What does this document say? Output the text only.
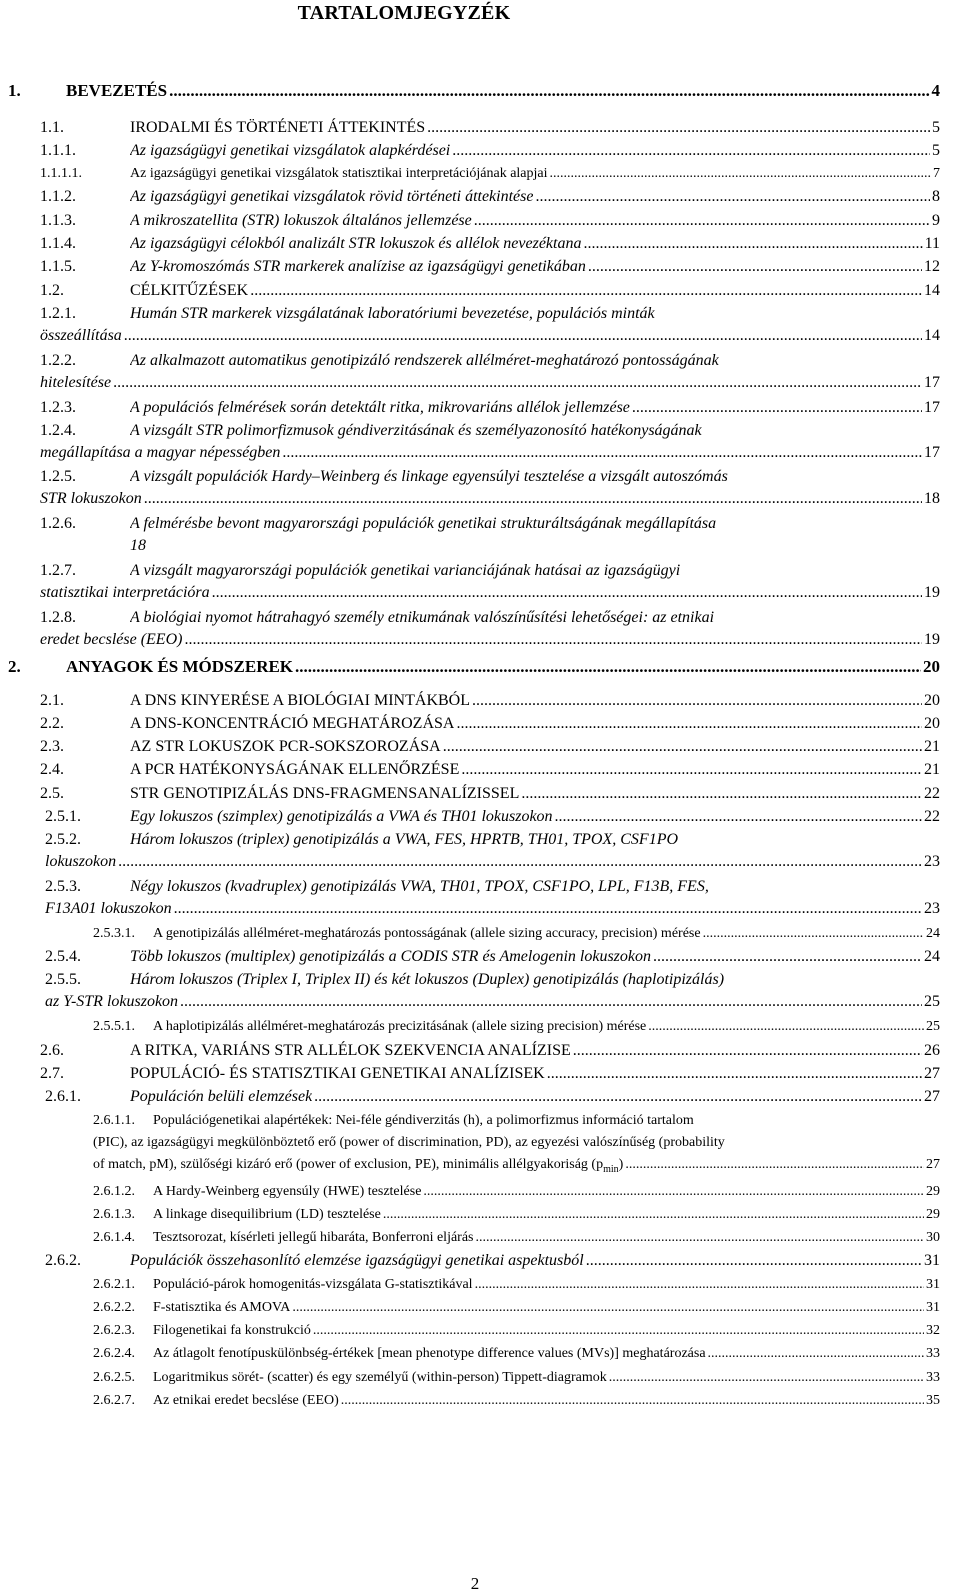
TARTALOMJEGYZÉK
1.	BEVEZETÉS .....	4
1.1.	IRODALMI ÉS TÖRTÉNETI ÁTTEKINTÉS .....	5
1.1.1.	Az igazságügyi genetikai vizsgálatok alapkérdései .....	5
1.1.1.1.	Az igazságügyi genetikai vizsgálatok statisztikai interpretációjának alapjai .....	7
1.1.2.	Az igazságügyi genetikai vizsgálatok rövid történeti áttekintése .....	8
1.1.3.	A mikroszatellita (STR) lokuszok általános jellemzése .....	9
1.1.4.	Az igazságügyi célokból analizált STR lokuszok és allélok nevezéktana .....	11
1.1.5.	Az Y-kromoszómás STR markerek analízise az igazságügyi genetikában .....	12
1.2.	CÉLKITŰZÉSEK .....	14
1.2.1.	Humán STR markerek vizsgálatának laboratóriumi bevezetése, populációs minták
összeállítása .....	14
1.2.2.	Az alkalmazott automatikus genotipizáló rendszerek allélméret-meghatározó pontosságának
hitelesítése .....	17
1.2.3.	A populációs felmérések során detektált ritka, mikrovariáns allélok jellemzése .....	17
1.2.4.	A vizsgált STR polimorfizmusok géndiverzitásának és személyazonosító hatékonyságának
megállapítása a magyar népességben .....	17
1.2.5.	A vizsgált populációk Hardy–Weinberg és linkage egyensúlyi tesztelése a vizsgált autoszómás
STR lokuszokon .....	18
1.2.6.	A felmérésbe bevont magyarországi populációk genetikai strukturáltságának megállapítása
18
1.2.7.	A vizsgált magyarországi populációk genetikai varianciájának hatásai az igazságügyi
statisztikai interpretációra .....	19
1.2.8.	A biológiai nyomot hátrahagyó személy etnikumának valószínűsítési lehetőségei: az etnikai
eredet becslése (EEO) .....	19
2.	ANYAGOK ÉS MÓDSZEREK .....	20
2.1.	A DNS KINYERÉSE A BIOLÓGIAI MINTÁKBÓL .....	20
2.2.	A DNS-KONCENTRÁCIÓ MEGHATÁROZÁSA .....	20
2.3.	AZ STR LOKUSZOK PCR-SOKSZOROZÁSA .....	21
2.4.	A PCR HATÉKONYSÁGÁNAK ELLENŐRZÉSE .....	21
2.5.	STR GENOTIPIZÁLÁS DNS-FRAGMENSANALÍZISSEL .....	22
2.5.1.	Egy lokuszos (szimplex) genotipizálás a VWA és TH01 lokuszokon .....	22
2.5.2.	Három lokuszos (triplex) genotipizálás a VWA, FES, HPRTB, TH01, TPOX, CSF1PO
lokuszokon .....	23
2.5.3.	Négy lokuszos (kvadruplex) genotipizálás VWA, TH01, TPOX, CSF1PO, LPL, F13B, FES,
F13A01 lokuszokon .....	23
2.5.3.1.	A genotipizálás allélméret-meghatározás pontosságának (allele sizing accuracy, precision) mérése .....	24
2.5.4.	Több lokuszos (multiplex) genotipizálás a CODIS STR és Amelogenin lokuszokon .....	24
2.5.5.	Három lokuszos (Triplex I, Triplex II) és két lokuszos (Duplex) genotipizálás (haplotipizálás)
az Y-STR lokuszokon .....	25
2.5.5.1.	A haplotipizálás allélméret-meghatározás precizitásának (allele sizing precision) mérése .....	25
2.6.	A RITKA, VARIÁNS STR ALLÉLOK SZEKVENCIA ANALÍZISE .....	26
2.7.	POPULÁCIÓ- ÉS STATISZTIKAI GENETIKAI ANALÍZISEK .....	27
2.6.1.	Populáción belüli elemzések .....	27
2.6.1.1.	Populációgenetikai alapértékek: Nei-féle géndiverzitás (h), a polimorfizmus információ tartalom
(PIC), az igazságügyi megkülönböztető erő (power of discrimination, PD), az egyezési valószínűség (probability
of match, pM), szülőségi kizáró erő (power of exclusion, PE), minimális allélgyakoriság $(p_{min})$ .....	27
2.6.1.2.	A Hardy-Weinberg egyensúly (HWE) tesztelése .....	29
2.6.1.3.	A linkage disequilibrium (LD) tesztelése .....	29
2.6.1.4.	Tesztsorozat, kísérleti jellegű hibaráta, Bonferroni eljárás .....	30
2.6.2.	Populációk összehasonlító elemzése igazságügyi genetikai aspektusból .....	31
2.6.2.1.	Populáció-párok homogenitás-vizsgálata G-statisztikával .....	31
2.6.2.2.	F-statisztika és AMOVA .....	31
2.6.2.3.	Filogenetikai fa konstrukció .....	32
2.6.2.4.	Az átlagolt fenotípuskülönbség-értékek [mean phenotype difference values (MVs)] meghatározása .....	33
2.6.2.5.	Logaritmikus sörét- (scatter) és egy személyű (within-person) Tippett-diagramok .....	33
2.6.2.7.	Az etnikai eredet becslése (EEO) .....	35
2
